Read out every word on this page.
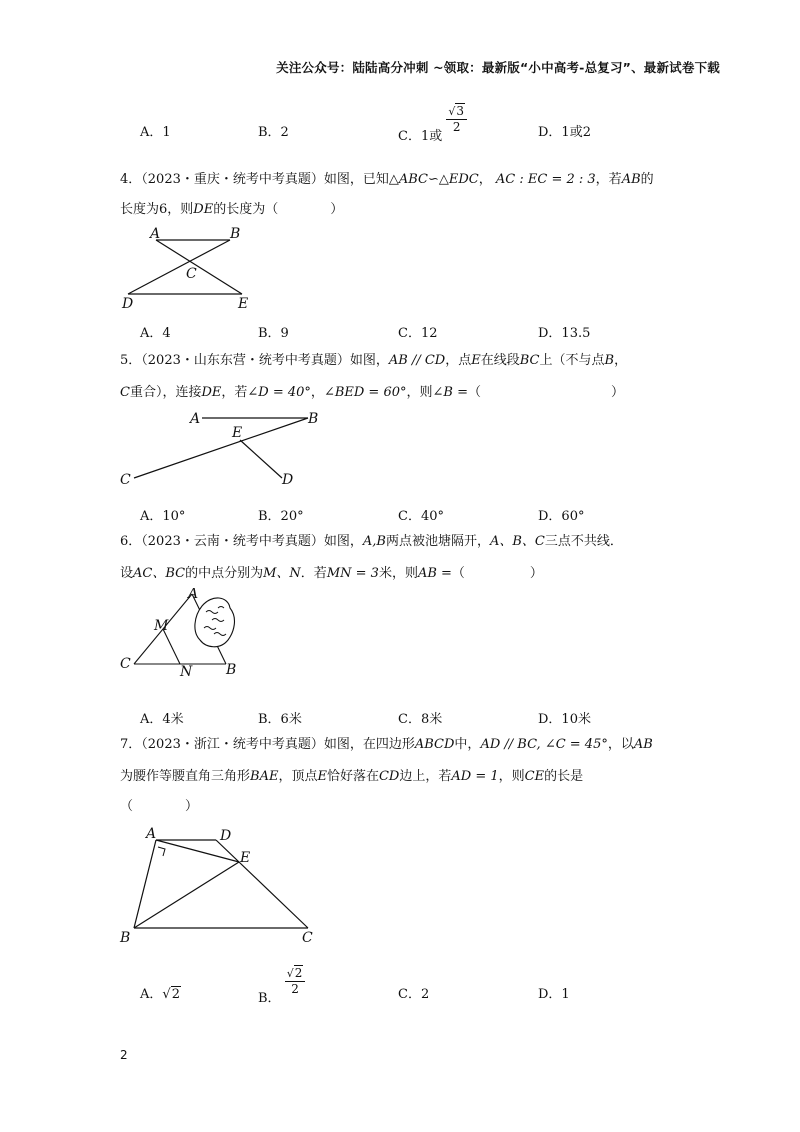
关注公众号：陆陆高分冲刺 ~领取：最新版“小中高考-总复习”、最新试卷下载
A．1	B．2	C．1或
$\frac{√3}{2}$	D．1或2
4．（2023・重庆・统考中考真题）如图，已知△ABC∽△EDC， AC : EC = 2 : 3，若AB的
长度为6，则DE的长度为（　　　　）
A	B
C
D	E
A．4	B．9	C．12	D．13.5
5．（2023・山东东营・统考中考真题）如图，AB // CD，点E在线段BC上（不与点B，
C重合），连接DE，若∠D = 40°，∠BED = 60°，则∠B =（　　　　　　　　　　）
A	B
E
C	D
A．10°	B．20°	C．40°	D．60°
6．（2023・云南・统考中考真题）如图，A,B两点被池塘隔开，A、B、C三点不共线．
设AC、BC的中点分别为M、N．若MN = 3米，则AB =（　　　　　）
A
M
C	N B
A．4米	B．6米	C．8米	D．10米
7．（2023・浙江・统考中考真题）如图，在四边形ABCD中，AD // BC, ∠C = 45°，以AB
为腰作等腰直角三角形BAE，顶点E恰好落在CD边上，若AD = 1，则CE的长是
（　　　　）
A	D
E
B	C
A．√2	B．
$\frac{√2}{2}$	C．2	D．1
2
